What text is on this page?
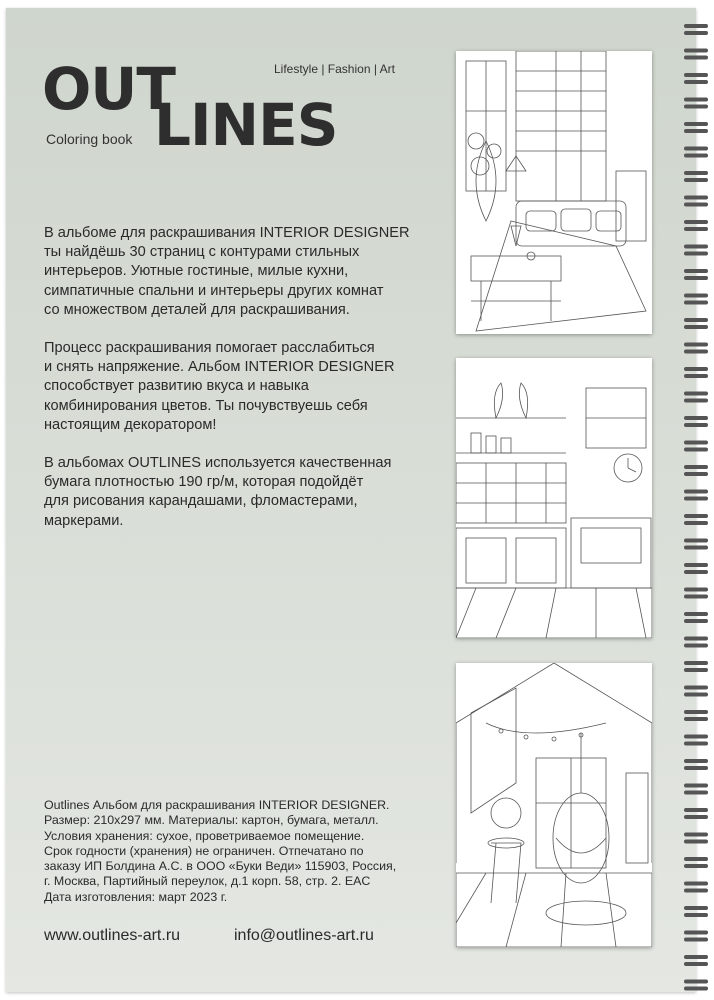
OUT
LINES
Lifestyle | Fashion | Art
Coloring book

В альбоме для раскрашивания INTERIOR DESIGNER
ты найдёшь 30 страниц с контурами стильных
интерьеров. Уютные гостиные, милые кухни,
симпатичные спальни и интерьеры других комнат
со множеством деталей для раскрашивания.

Процесс раскрашивания помогает расслабиться
и снять напряжение. Альбом INTERIOR DESIGNER
способствует развитию вкуса и навыка
комбинирования цветов. Ты почувствуешь себя
настоящим декоратором!

В альбомах OUTLINES используется качественная
бумага плотностью 190 гр/м, которая подойдёт
для рисования карандашами, фломастерами,
маркерами.

Outlines Альбом для раскрашивания INTERIOR DESIGNER.
Размер: 210x297 мм. Материалы: картон, бумага, металл.
Условия хранения: сухое, проветриваемое помещение.
Срок годности (хранения) не ограничен. Отпечатано по
заказу ИП Болдина А.С. в ООО «Буки Веди» 115903, Россия,
г. Москва, Партийный переулок, д.1 корп. 58, стр. 2. EAC
Дата изготовления: март 2023 г.
www.outlines-art.ru	info@outlines-art.ru
